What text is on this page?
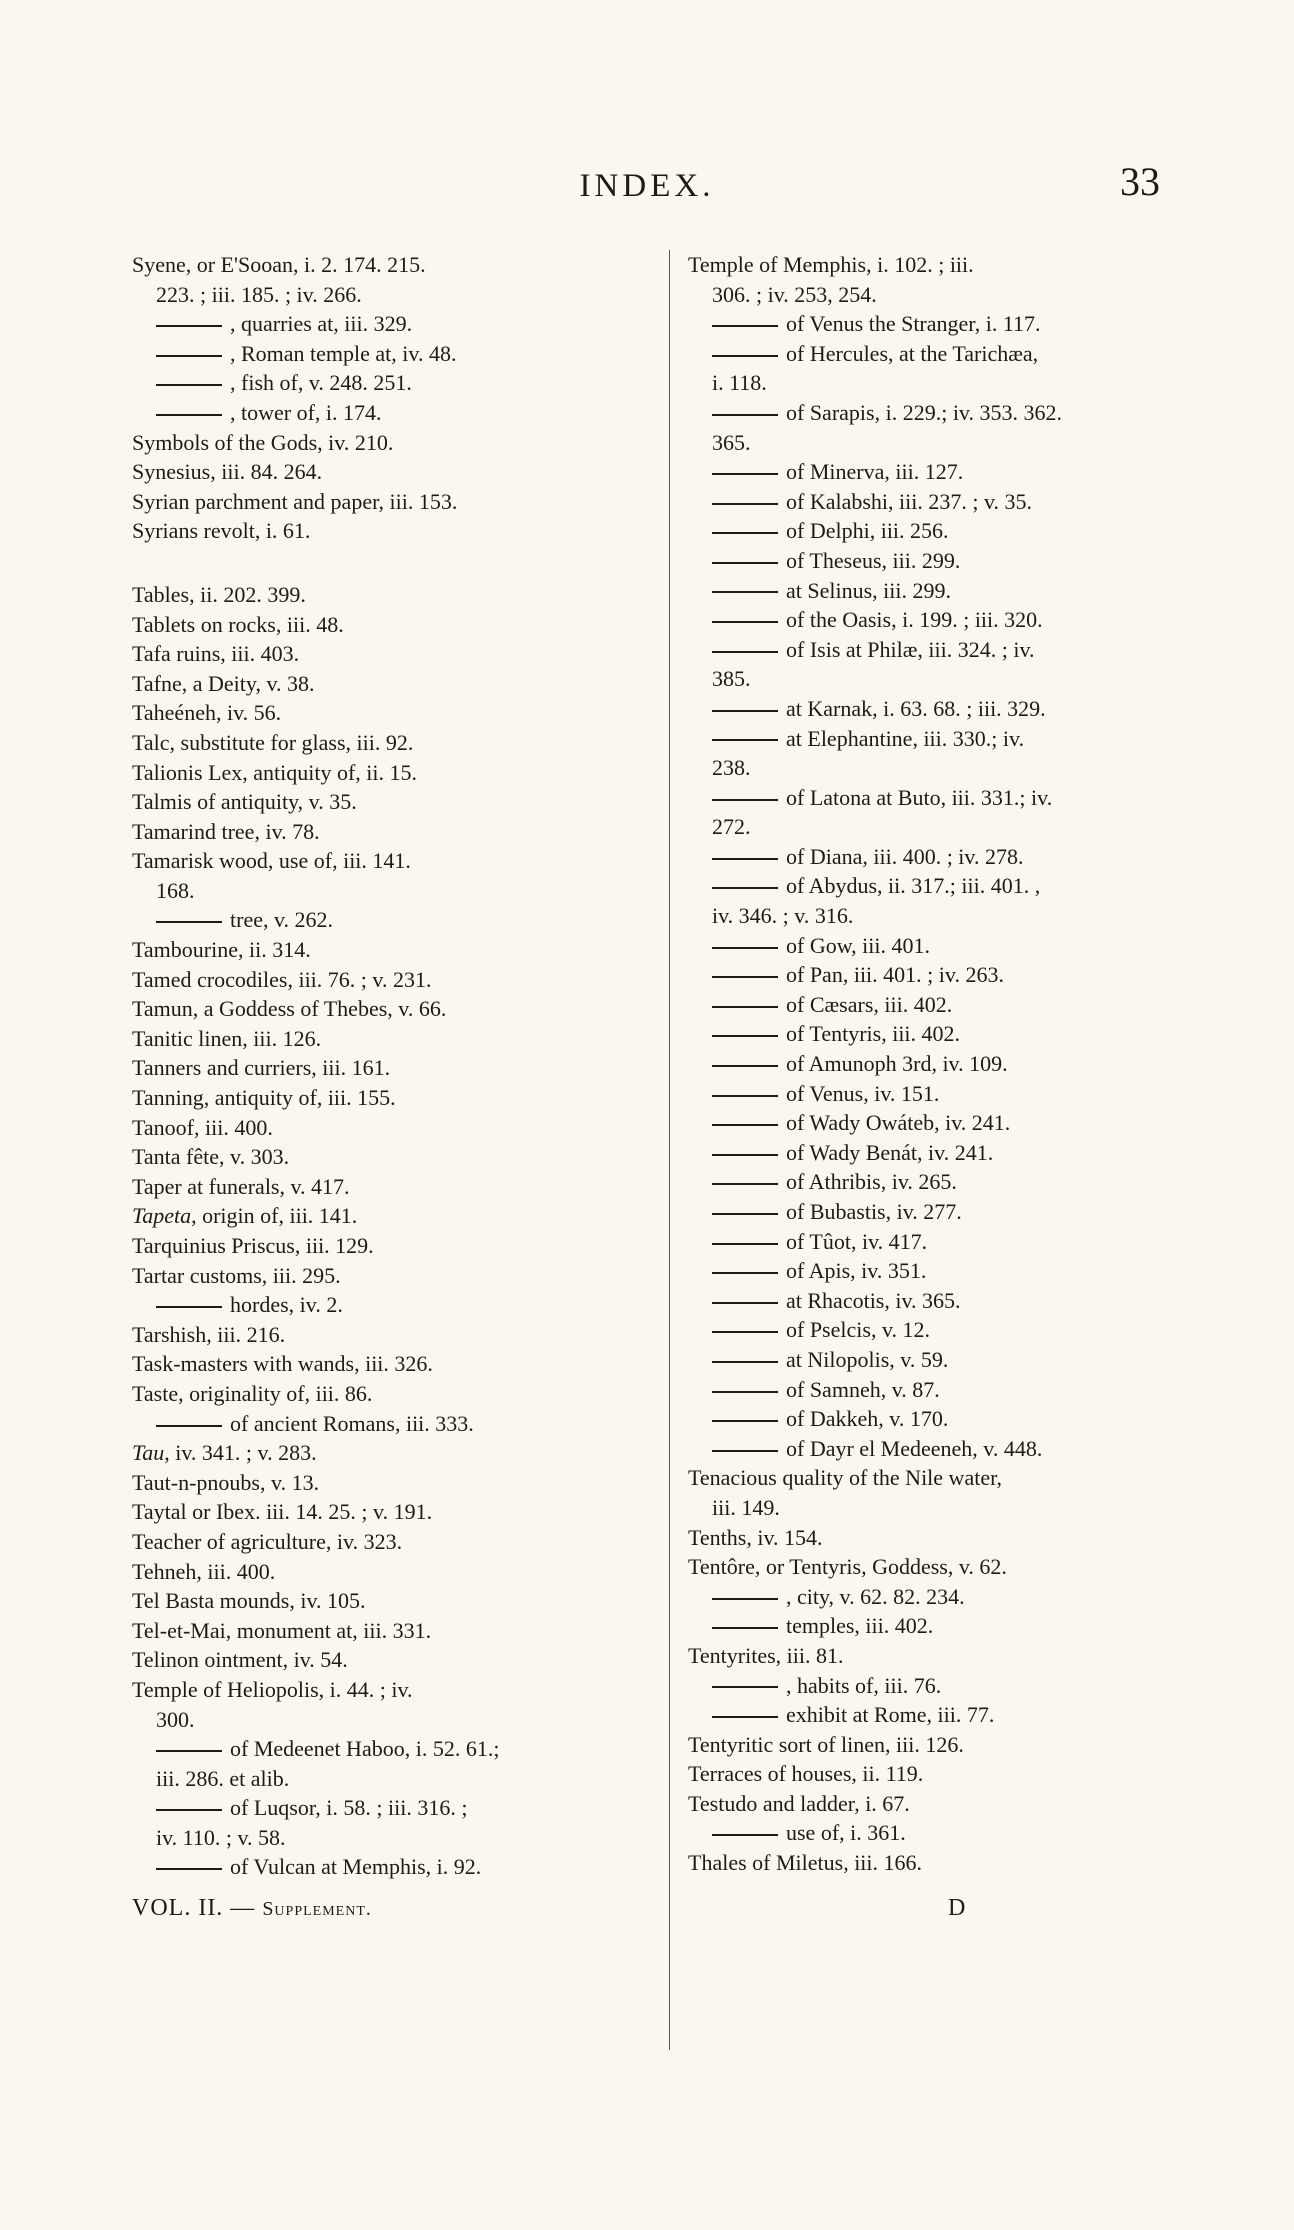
INDEX.	33
Syene, or E'Sooan, i. 2. 174. 215.
223. ; iii. 185. ; iv. 266.
, quarries at, iii. 329.
, Roman temple at, iv. 48.
, fish of, v. 248. 251.
, tower of, i. 174.
Symbols of the Gods, iv. 210.
Synesius, iii. 84. 264.
Syrian parchment and paper, iii. 153.
Syrians revolt, i. 61.
Tables, ii. 202. 399.
Tablets on rocks, iii. 48.
Tafa ruins, iii. 403.
Tafne, a Deity, v. 38.
Taheéneh, iv. 56.
Talc, substitute for glass, iii. 92.
Talionis Lex, antiquity of, ii. 15.
Talmis of antiquity, v. 35.
Tamarind tree, iv. 78.
Tamarisk wood, use of, iii. 141.
168.
tree, v. 262.
Tambourine, ii. 314.
Tamed crocodiles, iii. 76. ; v. 231.
Tamun, a Goddess of Thebes, v. 66.
Tanitic linen, iii. 126.
Tanners and curriers, iii. 161.
Tanning, antiquity of, iii. 155.
Tanoof, iii. 400.
Tanta fête, v. 303.
Taper at funerals, v. 417.
Tapeta, origin of, iii. 141.
Tarquinius Priscus, iii. 129.
Tartar customs, iii. 295.
hordes, iv. 2.
Tarshish, iii. 216.
Task-masters with wands, iii. 326.
Taste, originality of, iii. 86.
of ancient Romans, iii. 333.
Tau, iv. 341. ; v. 283.
Taut-n-pnoubs, v. 13.
Taytal or Ibex. iii. 14. 25. ; v. 191.
Teacher of agriculture, iv. 323.
Tehneh, iii. 400.
Tel Basta mounds, iv. 105.
Tel-et-Mai, monument at, iii. 331.
Telinon ointment, iv. 54.
Temple of Heliopolis, i. 44. ; iv.
300.
of Medeenet Haboo, i. 52. 61.;
iii. 286. et alib.
of Luqsor, i. 58. ; iii. 316. ;
iv. 110. ; v. 58.
of Vulcan at Memphis, i. 92.
Temple of Memphis, i. 102. ; iii.
306. ; iv. 253, 254.
of Venus the Stranger, i. 117.
of Hercules, at the Tarichæa,
i. 118.
of Sarapis, i. 229.; iv. 353. 362.
365.
of Minerva, iii. 127.
of Kalabshi, iii. 237. ; v. 35.
of Delphi, iii. 256.
of Theseus, iii. 299.
at Selinus, iii. 299.
of the Oasis, i. 199. ; iii. 320.
of Isis at Philæ, iii. 324. ; iv.
385.
at Karnak, i. 63. 68. ; iii. 329.
at Elephantine, iii. 330.; iv.
238.
of Latona at Buto, iii. 331.; iv.
272.
of Diana, iii. 400. ; iv. 278.
of Abydus, ii. 317.; iii. 401. ,
iv. 346. ; v. 316.
of Gow, iii. 401.
of Pan, iii. 401. ; iv. 263.
of Cæsars, iii. 402.
of Tentyris, iii. 402.
of Amunoph 3rd, iv. 109.
of Venus, iv. 151.
of Wady Owáteb, iv. 241.
of Wady Benát, iv. 241.
of Athribis, iv. 265.
of Bubastis, iv. 277.
of Tûot, iv. 417.
of Apis, iv. 351.
at Rhacotis, iv. 365.
of Pselcis, v. 12.
at Nilopolis, v. 59.
of Samneh, v. 87.
of Dakkeh, v. 170.
of Dayr el Medeeneh, v. 448.
Tenacious quality of the Nile water,
iii. 149.
Tenths, iv. 154.
Tentôre, or Tentyris, Goddess, v. 62.
, city, v. 62. 82. 234.
temples, iii. 402.
Tentyrites, iii. 81.
, habits of, iii. 76.
exhibit at Rome, iii. 77.
Tentyritic sort of linen, iii. 126.
Terraces of houses, ii. 119.
Testudo and ladder, i. 67.
use of, i. 361.
Thales of Miletus, iii. 166.
VOL. II. — Supplement.	D
